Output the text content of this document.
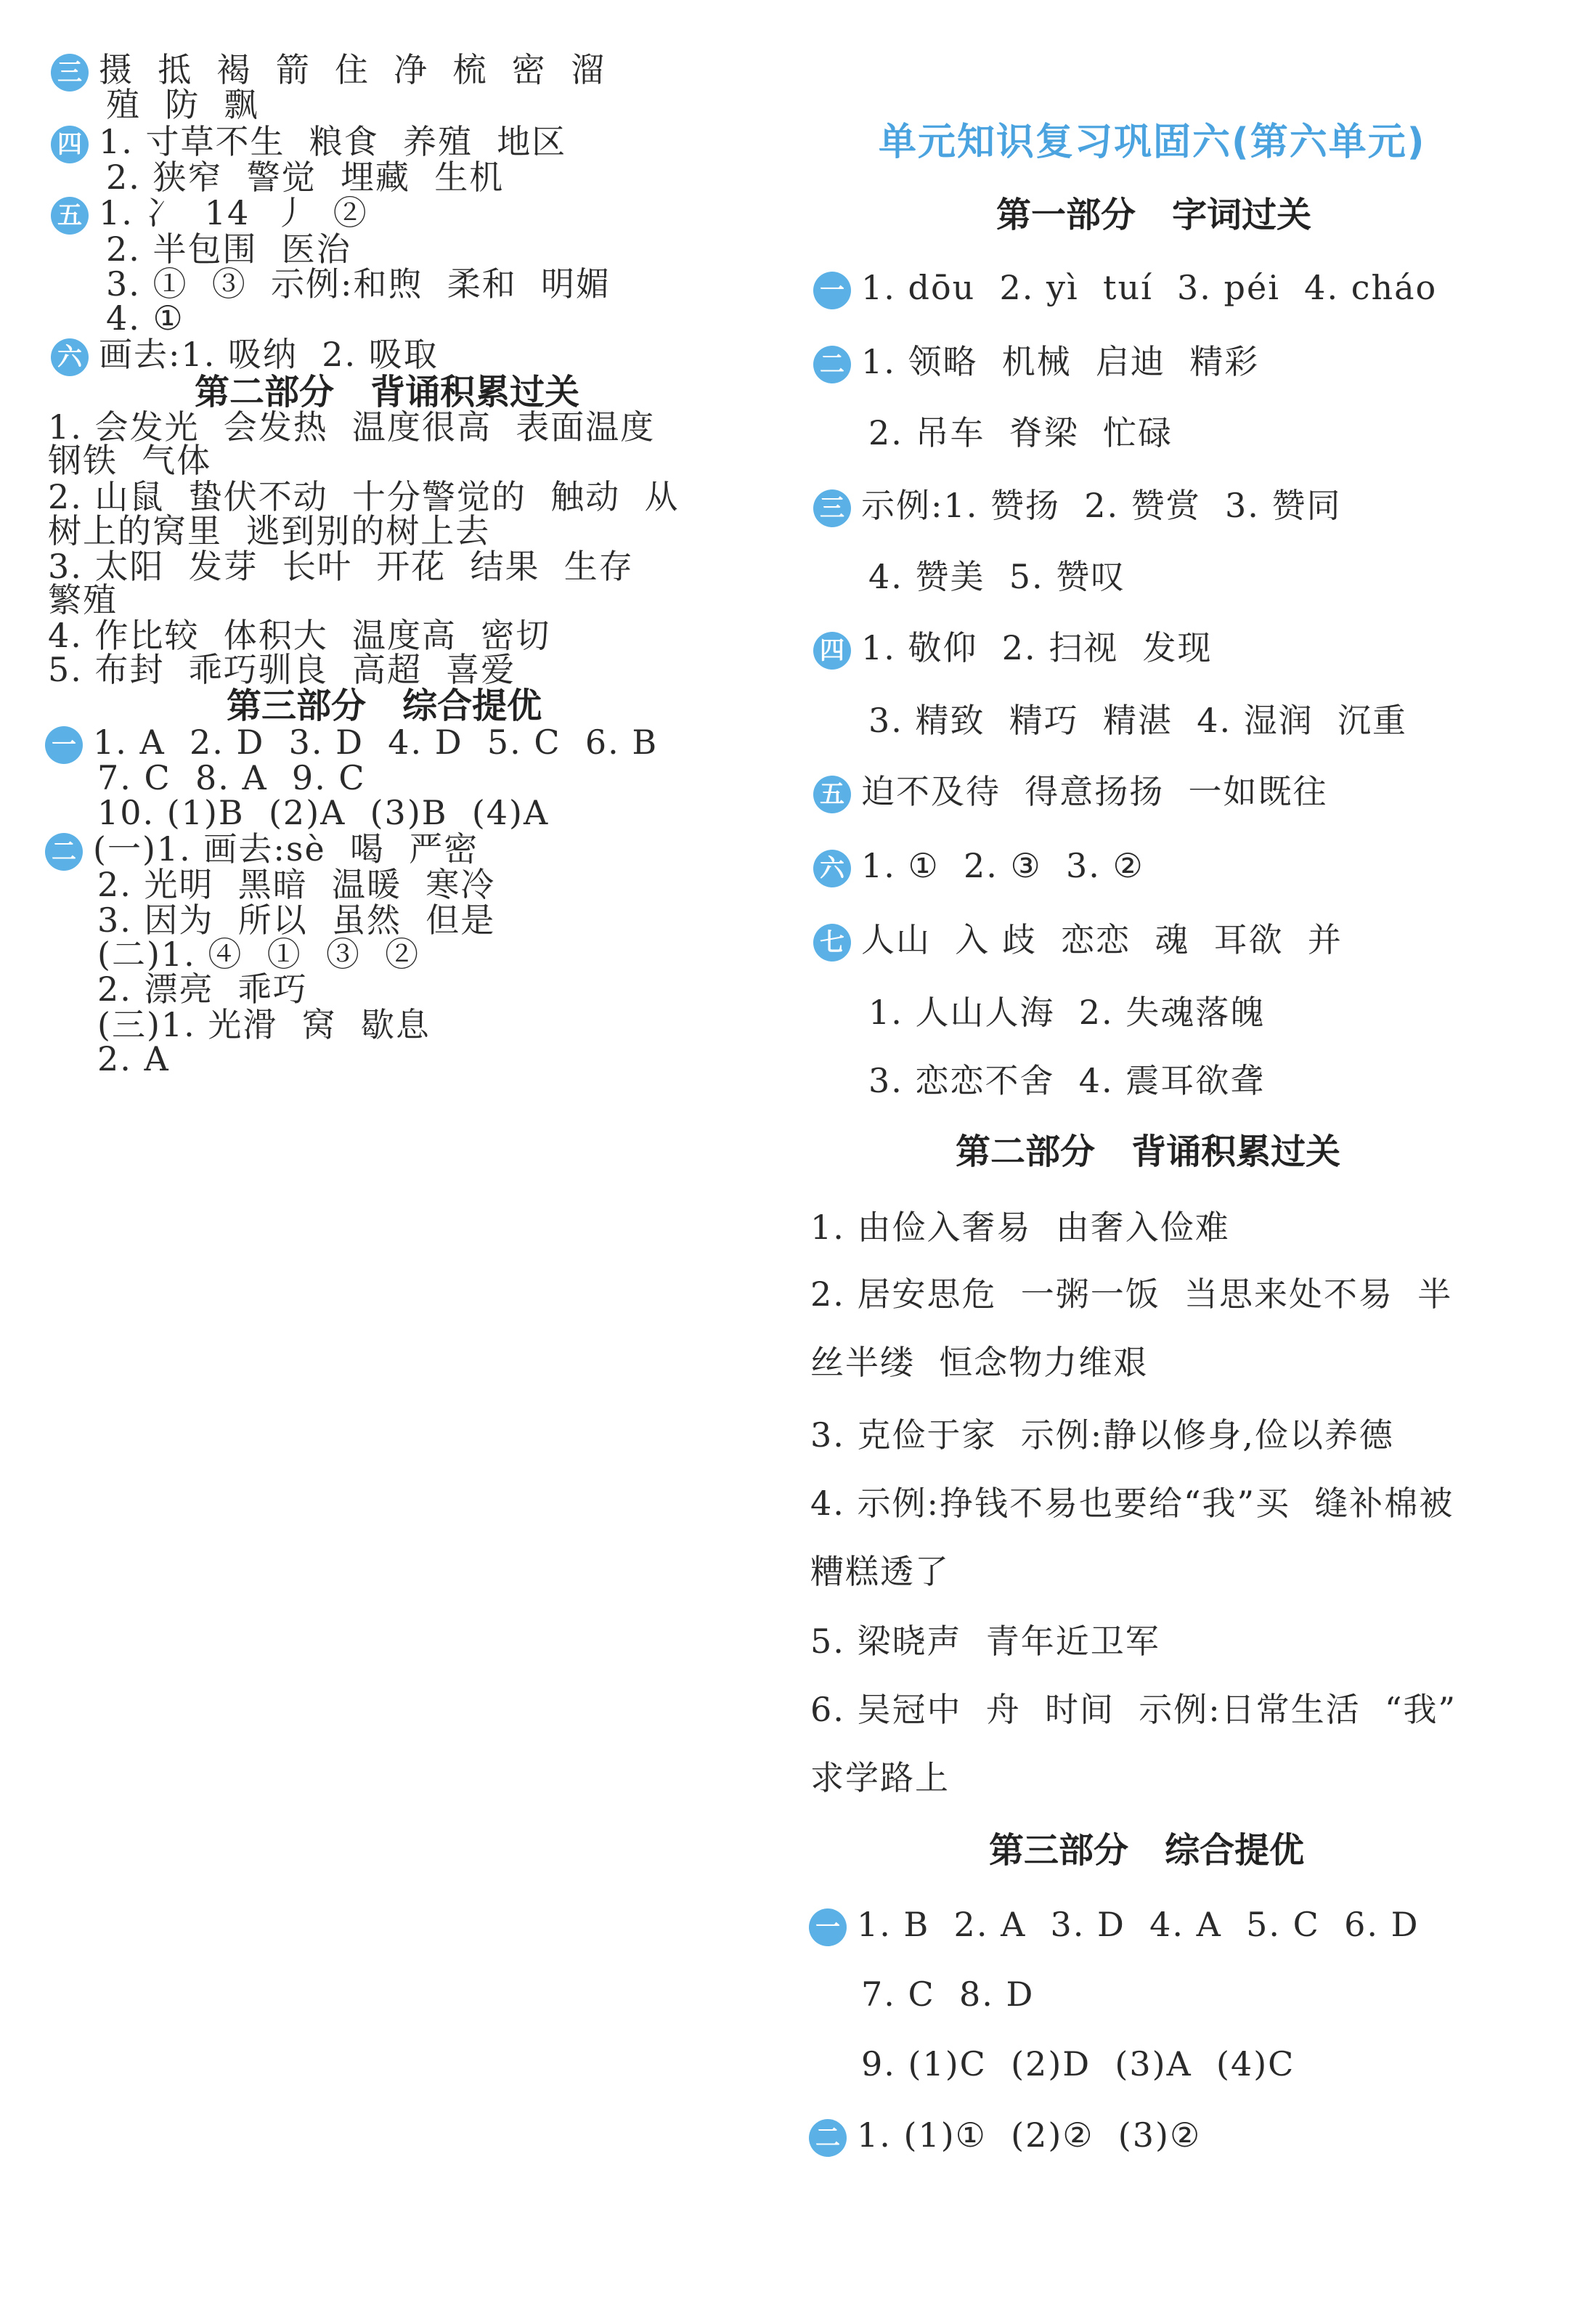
三 摄  抵  褐  箭  住  净  梳  密  溜
殖  防  飘
四 1. 寸草不生  粮食  养殖  地区
2. 狭窄  警觉  埋藏  生机
五 1. 冫  14  丿  ②
2. 半包围  医治
3. ①  ③  示例:和煦  柔和  明媚
4. ①
六 画去:1. 吸纳  2. 吸取
第二部分   背诵积累过关
1. 会发光  会发热  温度很高  表面温度
钢铁  气体
2. 山鼠  蛰伏不动  十分警觉的  触动  从
树上的窝里  逃到别的树上去
3. 太阳  发芽  长叶  开花  结果  生存
繁殖
4. 作比较  体积大  温度高  密切
5. 布封  乖巧驯良  高超  喜爱
第三部分   综合提优
一 1. A  2. D  3. D  4. D  5. C  6. B
7. C  8. A  9. C
10. (1)B  (2)A  (3)B  (4)A
二 (一)1. 画去:sè  喝  严密
2. 光明  黑暗  温暖  寒冷
3. 因为  所以  虽然  但是
(二)1. ④  ①  ③  ②
2. 漂亮  乖巧
(三)1. 光滑  窝  歇息
2. A
单元知识复习巩固六(第六单元)
第一部分   字词过关
一 1. dōu  2. yì  tuí  3. péi  4. cháo
二 1. 领略  机械  启迪  精彩
2. 吊车  脊梁  忙碌
三 示例:1. 赞扬  2. 赞赏  3. 赞同
4. 赞美  5. 赞叹
四 1. 敬仰  2. 扫视  发现
3. 精致  精巧  精湛  4. 湿润  沉重
五 迫不及待  得意扬扬  一如既往
六 1. ①  2. ③  3. ②
七 人山  入 歧  恋恋  魂  耳欲  并
1. 人山人海  2. 失魂落魄
3. 恋恋不舍  4. 震耳欲聋
第二部分   背诵积累过关
1. 由俭入奢易  由奢入俭难
2. 居安思危  一粥一饭  当思来处不易  半
丝半缕  恒念物力维艰
3. 克俭于家  示例:静以修身,俭以养德
4. 示例:挣钱不易也要给“我”买  缝补棉被
糟糕透了
5. 梁晓声  青年近卫军
6. 吴冠中  舟  时间  示例:日常生活  “我”
求学路上
第三部分   综合提优
一 1. B  2. A  3. D  4. A  5. C  6. D
7. C  8. D
9. (1)C  (2)D  (3)A  (4)C
二 1. (1)①  (2)②  (3)②
